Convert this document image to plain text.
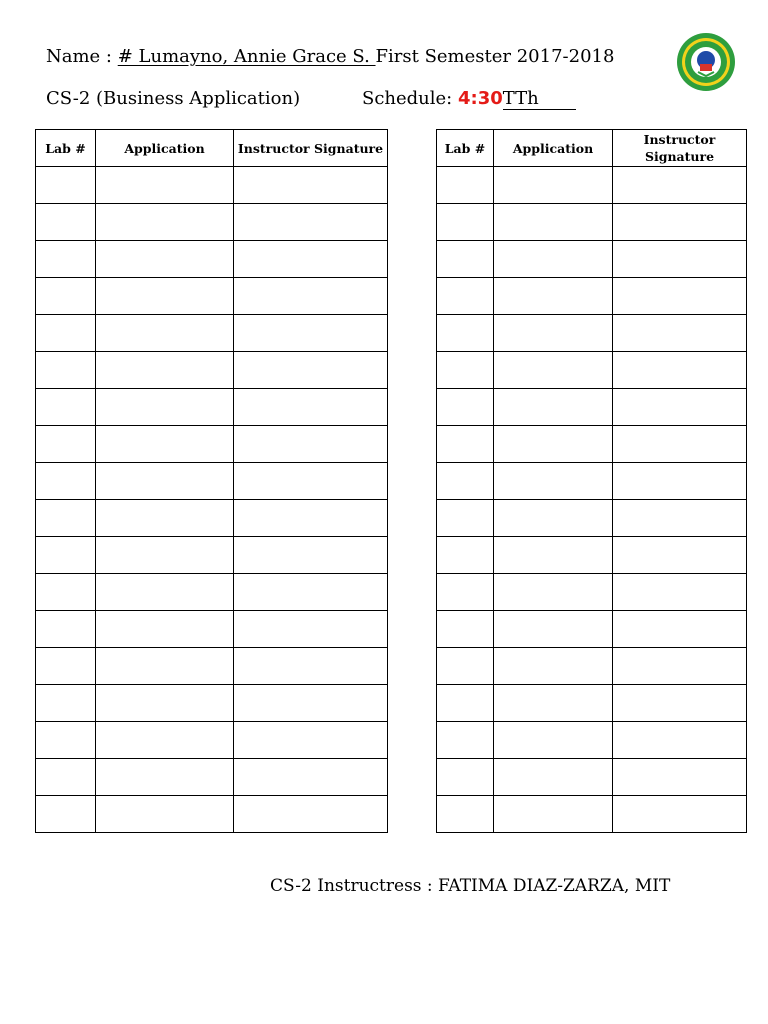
Name : # Lumayno, Annie Grace S. First Semester 2017-2018
CS-2 (Business Application)	Schedule: 4:30TTh
Lab #	Application	Instructor Signature

			Lab #	Application	Instructor Signature

CS-2 Instructress : FATIMA DIAZ-ZARZA, MIT
